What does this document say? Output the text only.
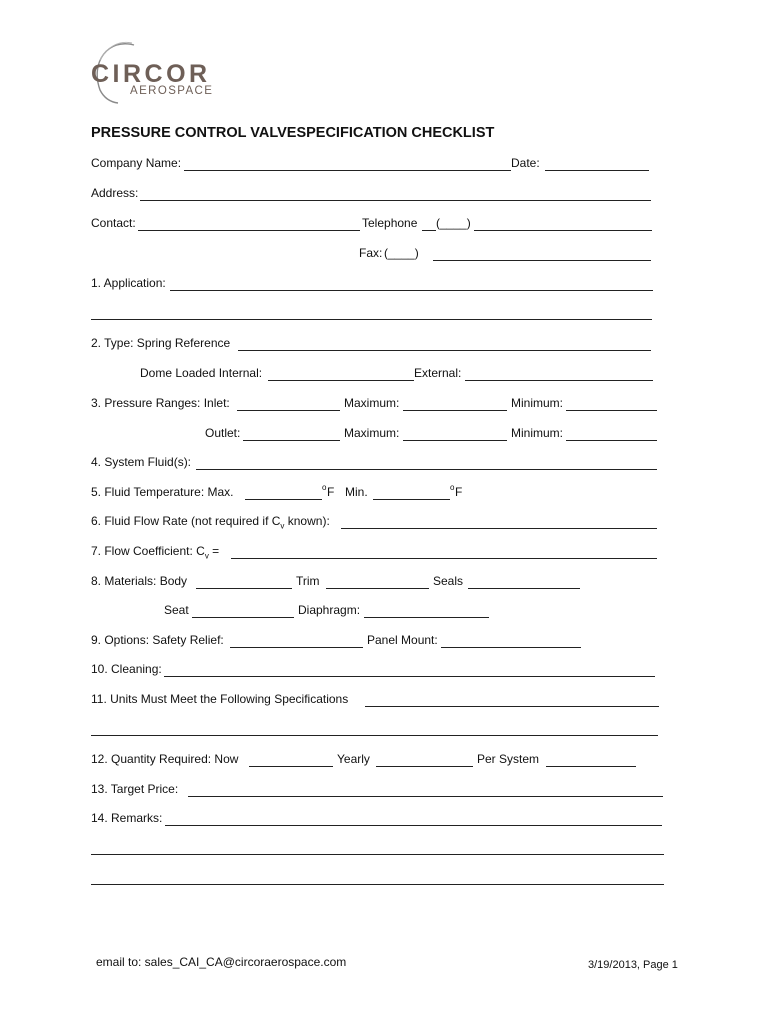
CIRCOR
AEROSPACE
PRESSURE CONTROL VALVESPECIFICATION CHECKLIST
Company Name:	Date:
Address:
Contact:	Telephone (____)
Fax: (____)
1. Application:
2. Type: Spring Reference
Dome Loaded Internal:	External:
3. Pressure Ranges: Inlet:	Maximum:	Minimum:
Outlet:	Maximum:	Minimum:
4. System Fluid(s):
5. Fluid Temperature: Max.	o F Min.	o F
6. Fluid Flow Rate (not required if $C_v$ known):
7. Flow Coefficient: $C_v$ =
8. Materials: Body	Trim	Seals
Seat	Diaphragm:
9. Options: Safety Relief:	Panel Mount:
10. Cleaning:
11. Units Must Meet the Following Specifications
12. Quantity Required: Now	Yearly	Per System
13. Target Price:
14. Remarks:
email to: sales_CAI_CA@circoraerospace.com	3/19/2013, Page 1
